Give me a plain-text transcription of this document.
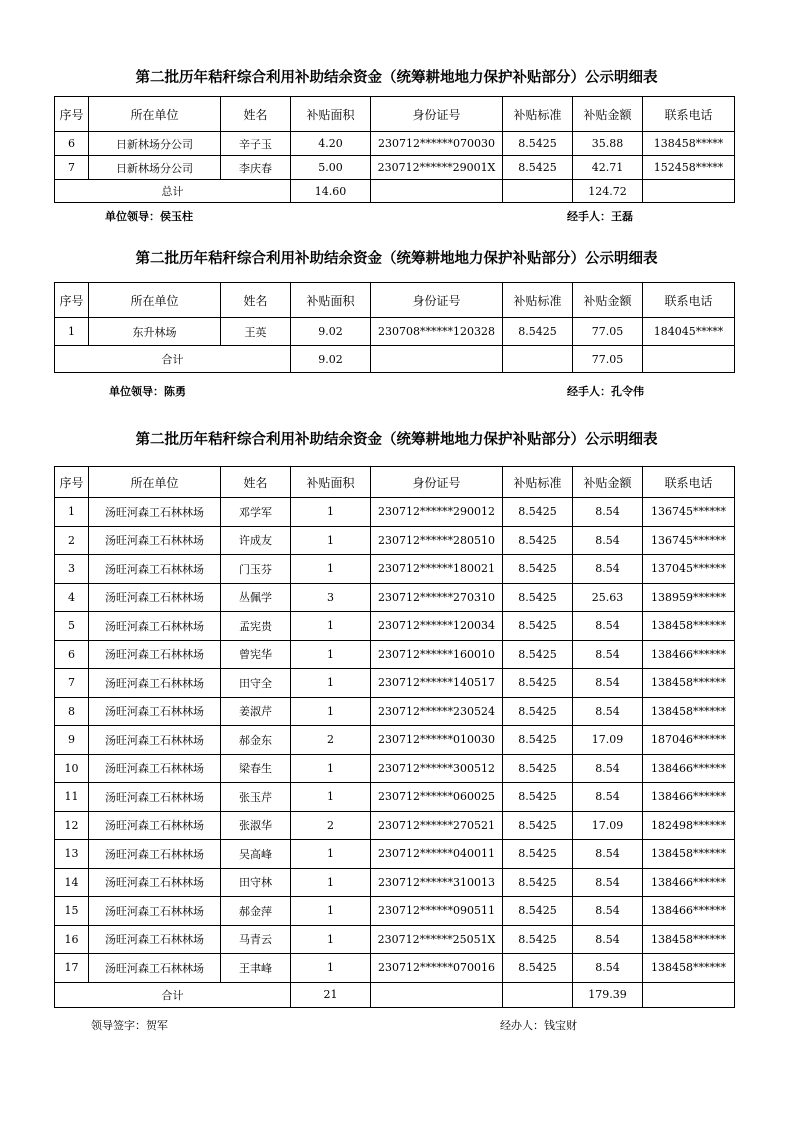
第二批历年秸秆综合利用补助结余资金（统筹耕地地力保护补贴部分）公示明细表
序号	所在单位	姓名	补贴面积	身份证号	补贴标准	补贴金额	联系电话
6	日新林场分公司	辛子玉	4.20	230712******070030	8.5425	35.88	138458*****
7	日新林场分公司	李庆春	5.00	230712******29001X	8.5425	42.71	152458*****
总计			14.60			124.72	
单位领导：侯玉柱	经手人：王磊
第二批历年秸秆综合利用补助结余资金（统筹耕地地力保护补贴部分）公示明细表
序号	所在单位	姓名	补贴面积	身份证号	补贴标准	补贴金额	联系电话
1	东升林场	王英	9.02	230708******120328	8.5425	77.05	184045*****
合计			9.02			77.05	
单位领导：陈勇	经手人：孔令伟
第二批历年秸秆综合利用补助结余资金（统筹耕地地力保护补贴部分）公示明细表
序号	所在单位	姓名	补贴面积	身份证号	补贴标准	补贴金额	联系电话
1	汤旺河森工石林林场	邓学军	1	230712******290012	8.5425	8.54	136745******
2	汤旺河森工石林林场	许成友	1	230712******280510	8.5425	8.54	136745******
3	汤旺河森工石林林场	门玉芬	1	230712******180021	8.5425	8.54	137045******
4	汤旺河森工石林林场	丛佩学	3	230712******270310	8.5425	25.63	138959******
5	汤旺河森工石林林场	孟宪贵	1	230712******120034	8.5425	8.54	138458******
6	汤旺河森工石林林场	曾宪华	1	230712******160010	8.5425	8.54	138466******
7	汤旺河森工石林林场	田守全	1	230712******140517	8.5425	8.54	138458******
8	汤旺河森工石林林场	姜淑芹	1	230712******230524	8.5425	8.54	138458******
9	汤旺河森工石林林场	郝金东	2	230712******010030	8.5425	17.09	187046******
10	汤旺河森工石林林场	梁春生	1	230712******300512	8.5425	8.54	138466******
11	汤旺河森工石林林场	张玉芹	1	230712******060025	8.5425	8.54	138466******
12	汤旺河森工石林林场	张淑华	2	230712******270521	8.5425	17.09	182498******
13	汤旺河森工石林林场	吴高峰	1	230712******040011	8.5425	8.54	138458******
14	汤旺河森工石林林场	田守林	1	230712******310013	8.5425	8.54	138466******
15	汤旺河森工石林林场	郝金萍	1	230712******090511	8.5425	8.54	138466******
16	汤旺河森工石林林场	马青云	1	230712******25051X	8.5425	8.54	138458******
17	汤旺河森工石林林场	王聿峰	1	230712******070016	8.5425	8.54	138458******
合计			21			179.39	
领导签字：贺军	经办人：钱宝财
